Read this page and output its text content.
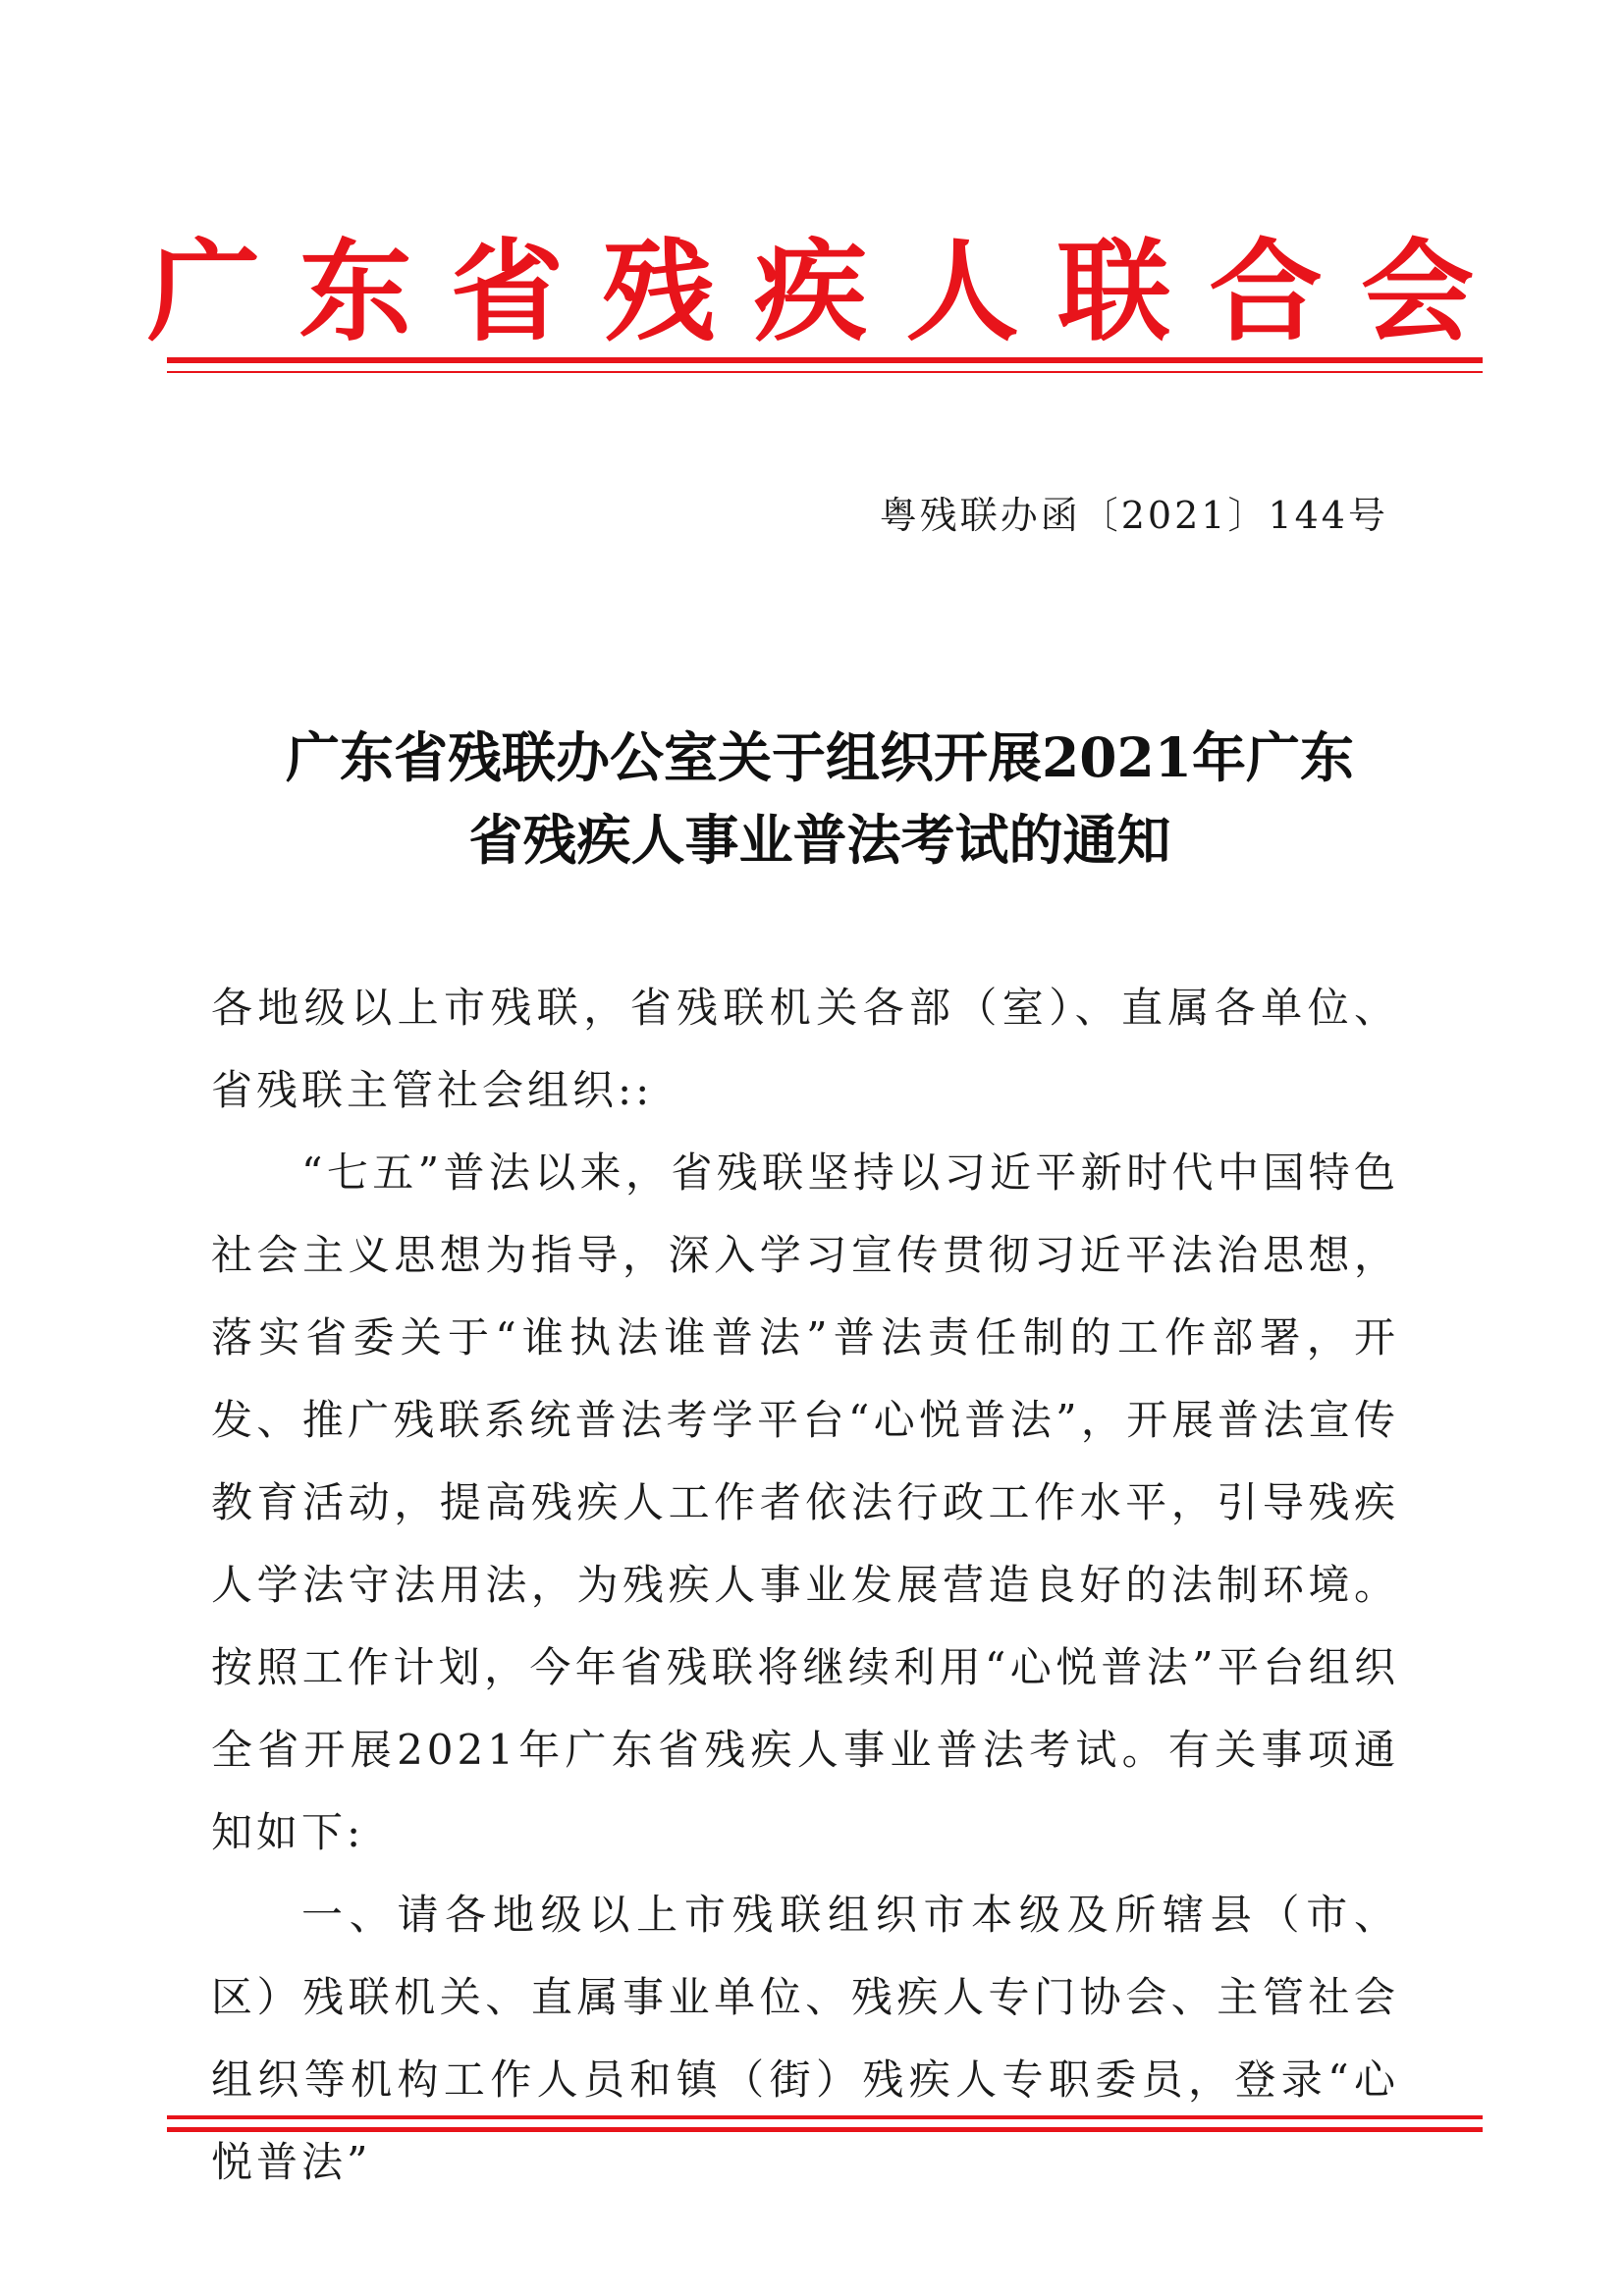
广东省残疾人联合会
粤残联办函〔2021〕144号
广东省残联办公室关于组织开展2021年广东
省残疾人事业普法考试的通知

各地级以上市残联，省残联机关各部（室）、直属各单位、省残联主管社会组织::

“七五”普法以来，省残联坚持以习近平新时代中国特色社会主义思想为指导，深入学习宣传贯彻习近平法治思想，落实省委关于“谁执法谁普法”普法责任制的工作部署，开发、推广残联系统普法考学平台“心悦普法”，开展普法宣传教育活动，提高残疾人工作者依法行政工作水平，引导残疾人学法守法用法，为残疾人事业发展营造良好的法制环境。按照工作计划，今年省残联将继续利用“心悦普法”平台组织全省开展2021年广东省残疾人事业普法考试。有关事项通知如下:

一、请各地级以上市残联组织市本级及所辖县（市、区）残联机关、直属事业单位、残疾人专门协会、主管社会组织等机构工作人员和镇（街）残疾人专职委员，登录“心悦普法”
